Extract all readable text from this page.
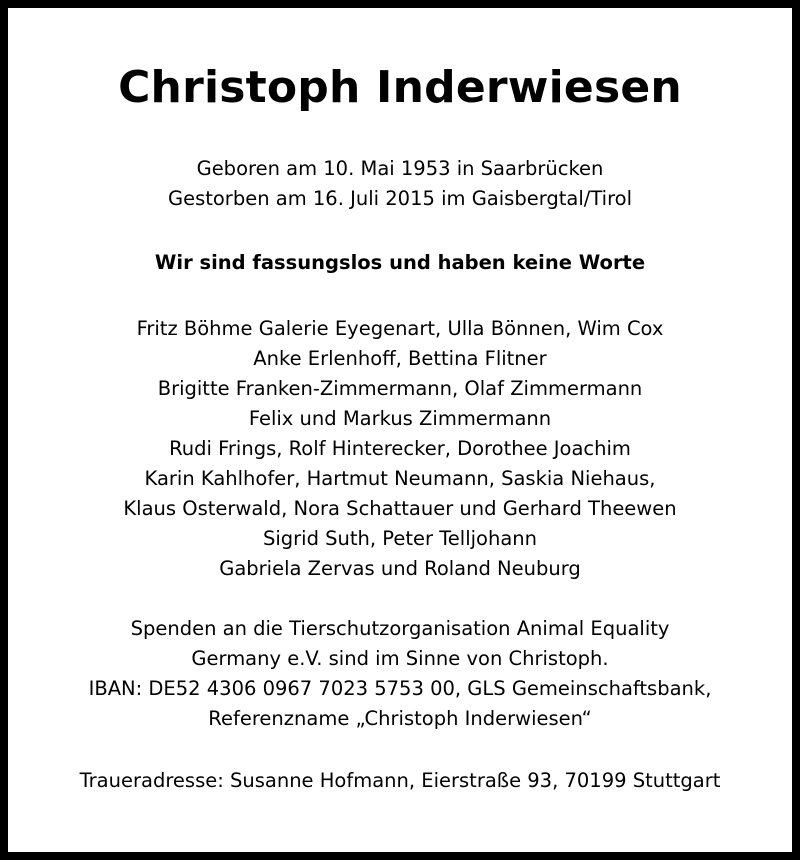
Christoph Inderwiesen
Geboren am 10. Mai 1953 in Saarbrücken
Gestorben am 16. Juli 2015 im Gaisbergtal/Tirol
Wir sind fassungslos und haben keine Worte
Fritz Böhme Galerie Eyegenart, Ulla Bönnen, Wim Cox
Anke Erlenhoff, Bettina Flitner
Brigitte Franken-Zimmermann, Olaf Zimmermann
Felix und Markus Zimmermann
Rudi Frings, Rolf Hinterecker, Dorothee Joachim
Karin Kahlhofer, Hartmut Neumann, Saskia Niehaus,
Klaus Osterwald, Nora Schattauer und Gerhard Theewen
Sigrid Suth, Peter Telljohann
Gabriela Zervas und Roland Neuburg
Spenden an die Tierschutzorganisation Animal Equality
Germany e.V. sind im Sinne von Christoph.
IBAN: DE52 4306 0967 7023 5753 00, GLS Gemeinschaftsbank,
Referenzname „Christoph Inderwiesen“
Traueradresse: Susanne Hofmann, Eierstraße 93, 70199 Stuttgart
